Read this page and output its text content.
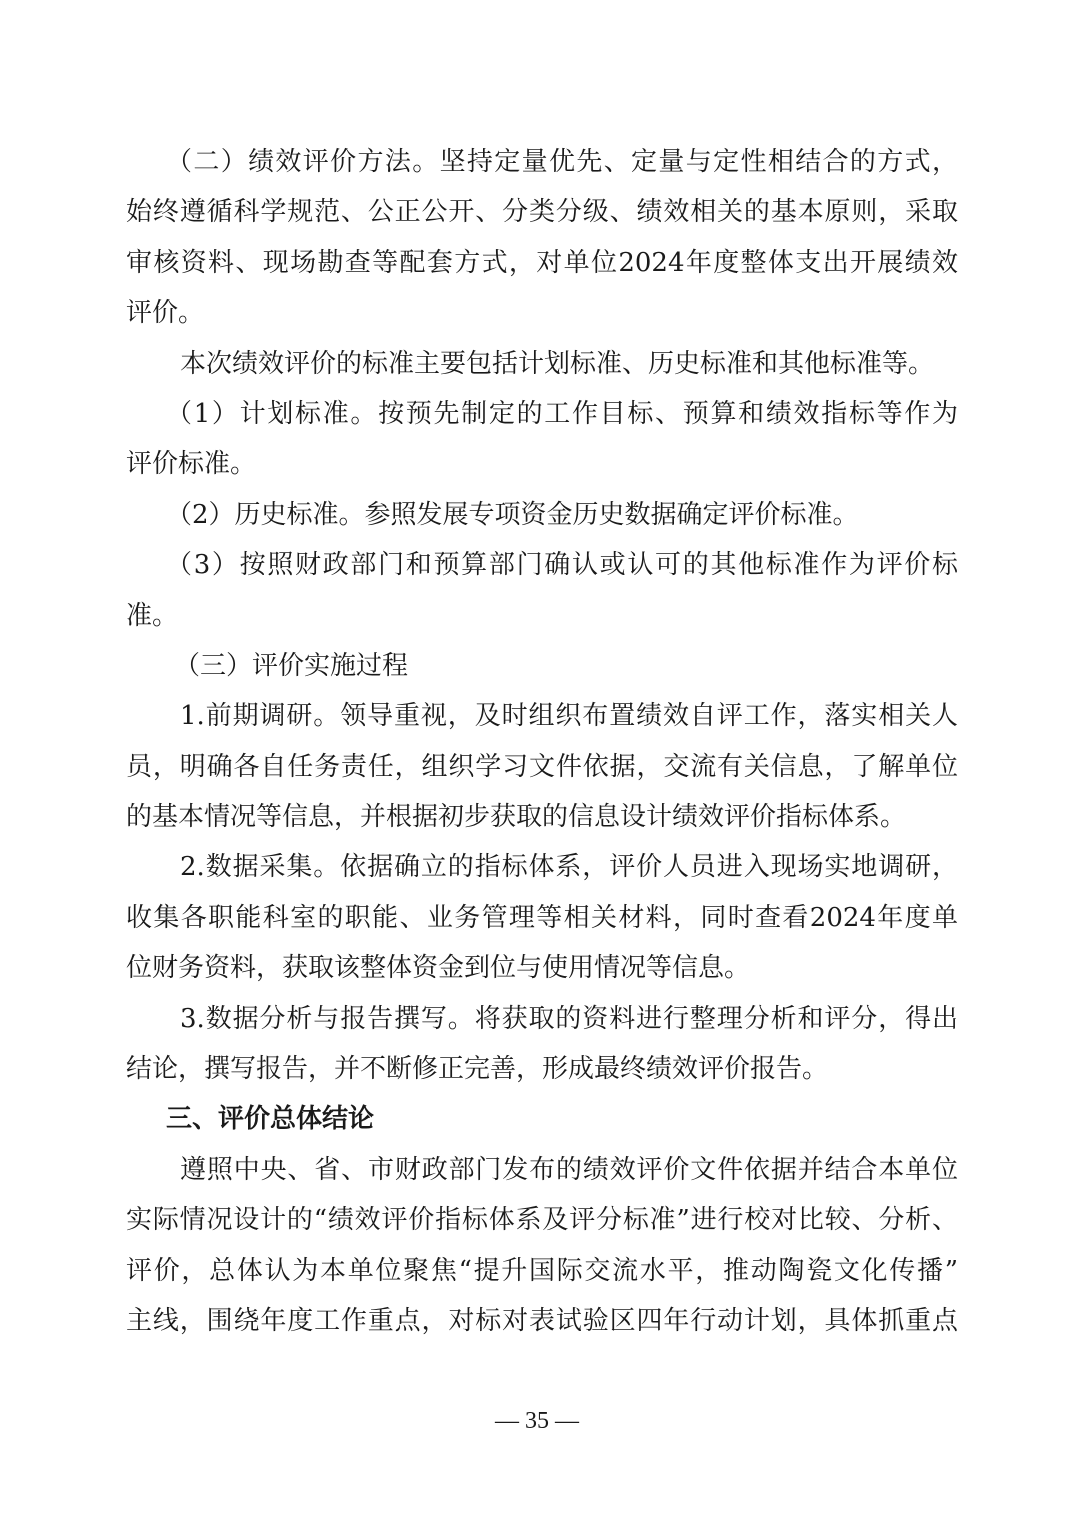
（二）绩效评价方法。坚持定量优先、定量与定性相结合的方式，
始终遵循科学规范、公正公开、分类分级、绩效相关的基本原则，采取
审核资料、现场勘查等配套方式，对单位2024年度整体支出开展绩效
评价。
本次绩效评价的标准主要包括计划标准、历史标准和其他标准等。
（1）计划标准。按预先制定的工作目标、预算和绩效指标等作为
评价标准。
（2）历史标准。参照发展专项资金历史数据确定评价标准。
（3）按照财政部门和预算部门确认或认可的其他标准作为评价标
准。
（三）评价实施过程
1.前期调研。领导重视，及时组织布置绩效自评工作，落实相关人
员，明确各自任务责任，组织学习文件依据，交流有关信息，了解单位
的基本情况等信息，并根据初步获取的信息设计绩效评价指标体系。
2.数据采集。依据确立的指标体系，评价人员进入现场实地调研，
收集各职能科室的职能、业务管理等相关材料，同时查看2024年度单
位财务资料，获取该整体资金到位与使用情况等信息。
3.数据分析与报告撰写。将获取的资料进行整理分析和评分，得出
结论，撰写报告，并不断修正完善，形成最终绩效评价报告。
三、评价总体结论
遵照中央、省、市财政部门发布的绩效评价文件依据并结合本单位
实际情况设计的“绩效评价指标体系及评分标准”进行校对比较、分析、
评价，总体认为本单位聚焦“提升国际交流水平，推动陶瓷文化传播”
主线，围绕年度工作重点，对标对表试验区四年行动计划，具体抓重点
— 35 —
